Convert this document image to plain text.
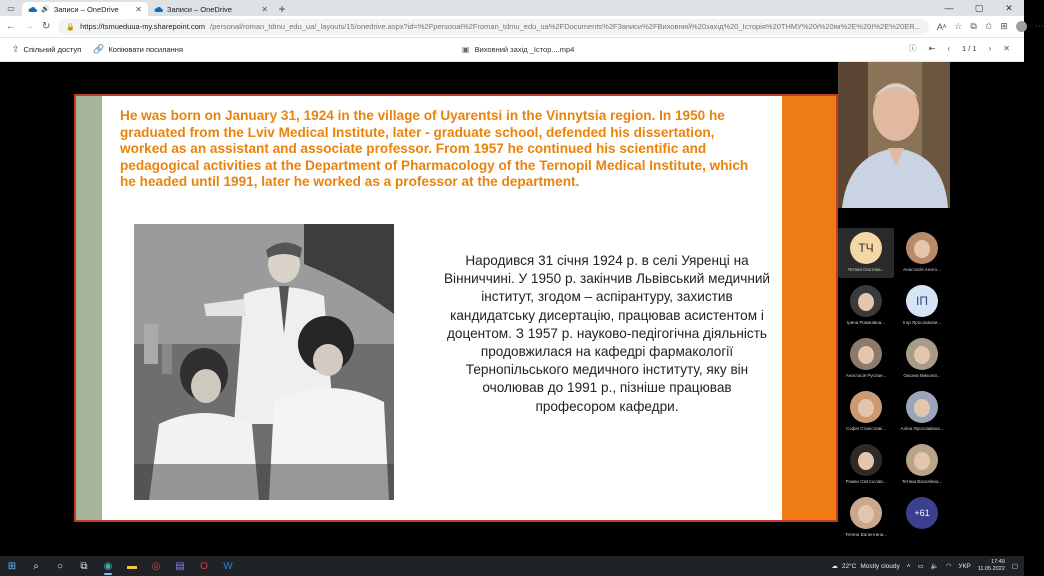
▭	🔊 Записи – OneDrive	✕	Записи – OneDrive	✕ +	—	▢	✕
← → ↻ 🔒 https://tsmueduua-my.sharepoint.com /personal/roman_tdmu_edu_ua/_layouts/15/onedrive.aspx?id=%2Fpersonal%2Froman_tdmu_edu_ua%2FDocuments%2F3аписи%2FВиховний%20захід%20_Історія%20ТНМУ%20і%20ім%2E%20І%2E%20ЕR... A A ☆ ⧉ ✩ ⊞	⋯
⇪ Спільний доступ 🔗 Копіювати посилання	▣ Виховний захід _Істор....mp4	ⓘ ⇤ ‹ 1 / 1 › ✕
He was born on January 31, 1924 in the village of Uyarentsi in the Vinnytsia region. In 1950 he graduated from the Lviv Medical Institute, later - graduate school, defended his dissertation, worked as an assistant and associate professor. From 1957 he continued his scientific and pedagogical activities at the Department of Pharmacology of the Ternopil Medical Institute, which he headed until 1991, later he worked as a professor at the department.
Народився 31 січня 1924 р. в селі Уяренці на Вінниччині. У 1950 р. закінчив Львівський медичний інститут, згодом – аспірантуру, захистив кандидатську дисертацію, працював асистентом і доцентом. З 1957 р. науково-педігогічна діяльність продовжилася на кафедрі фармакології Тернопільського медичного інституту, яку він очолював до 1991 р., пізніше працював професором кафедри.
ТЧ
Тетяна Охотяна...	Анастасія Анато...
Ірина Романівна...
ІП
Ігор Ярославови...
Анастасія Руслан...	Оксана Миколаї...
Софія Станіславі...	Аліна Ярославівна...
Роман Святослав...	Тетяна Василівна...
Тетяна Валентина...
+61
⊞	⌕	○	⧉	◉	▬	◎	▤	O	W	☁ 22°C Mostly cloudy ˄ ▭ 🔈 ◠ УКР
17:49
11.05.2022 ▢
